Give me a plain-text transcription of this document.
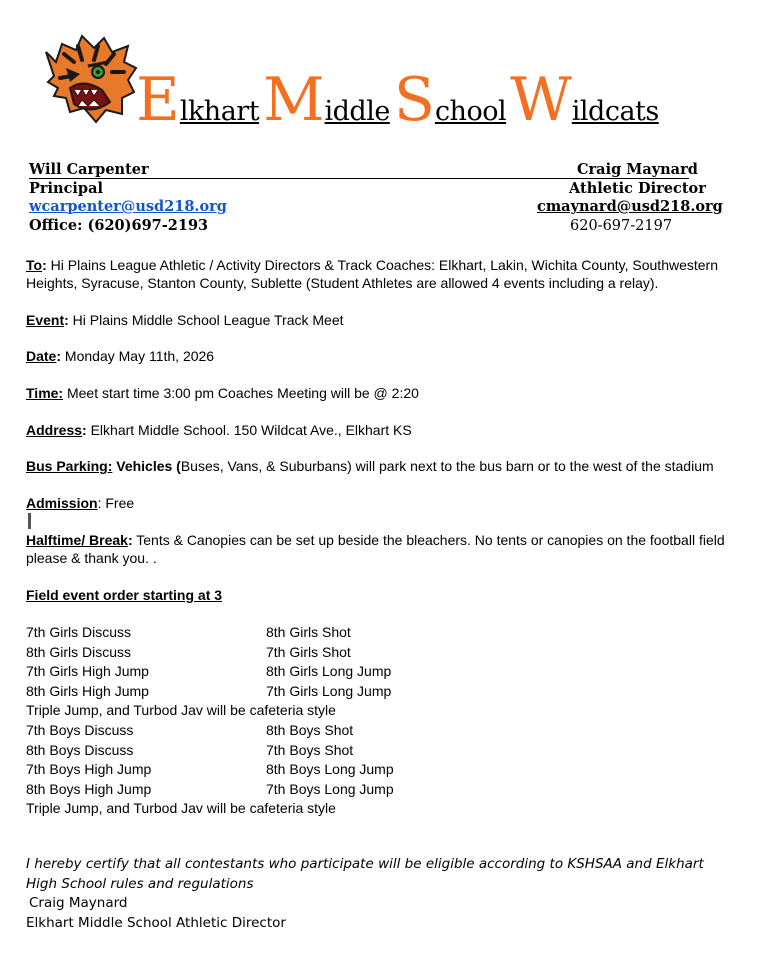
Elkhart Middle School Wildcats
Will Carpenter
Principal
wcarpenter@usd218.org
Office: (620)697-2193
Craig Maynard
Athletic Director
cmaynard@usd218.org
620-697-2197
To: Hi Plains League Athletic / Activity Directors & Track Coaches: Elkhart, Lakin, Wichita County, Southwestern Heights, Syracuse, Stanton County, Sublette (Student Athletes are allowed 4 events including a relay).
Event: Hi Plains Middle School League Track Meet
Date: Monday May 11th, 2026
Time: Meet start time 3:00 pm Coaches Meeting will be @ 2:20
Address: Elkhart Middle School. 150 Wildcat Ave., Elkhart KS
Bus Parking: Vehicles (Buses, Vans, & Suburbans) will park next to the bus barn or to the west of the stadium
Admission: Free
Halftime/ Break: Tents & Canopies can be set up beside the bleachers. No tents or canopies on the football field please & thank you. .
Field event order starting at 3
7th Girls Discuss	8th Girls Shot
8th Girls Discuss	7th Girls Shot
7th Girls High Jump	8th Girls Long Jump
8th Girls High Jump	7th Girls Long Jump
Triple Jump, and Turbod Jav will be cafeteria style
7th Boys Discuss	8th Boys Shot
8th Boys Discuss	7th Boys Shot
7th Boys High Jump	8th Boys Long Jump
8th Boys High Jump	7th Boys Long Jump
Triple Jump, and Turbod Jav will be cafeteria style
I hereby certify that all contestants who participate will be eligible according to KSHSAA and Elkhart High School rules and regulations
Craig Maynard
Elkhart Middle School Athletic Director
